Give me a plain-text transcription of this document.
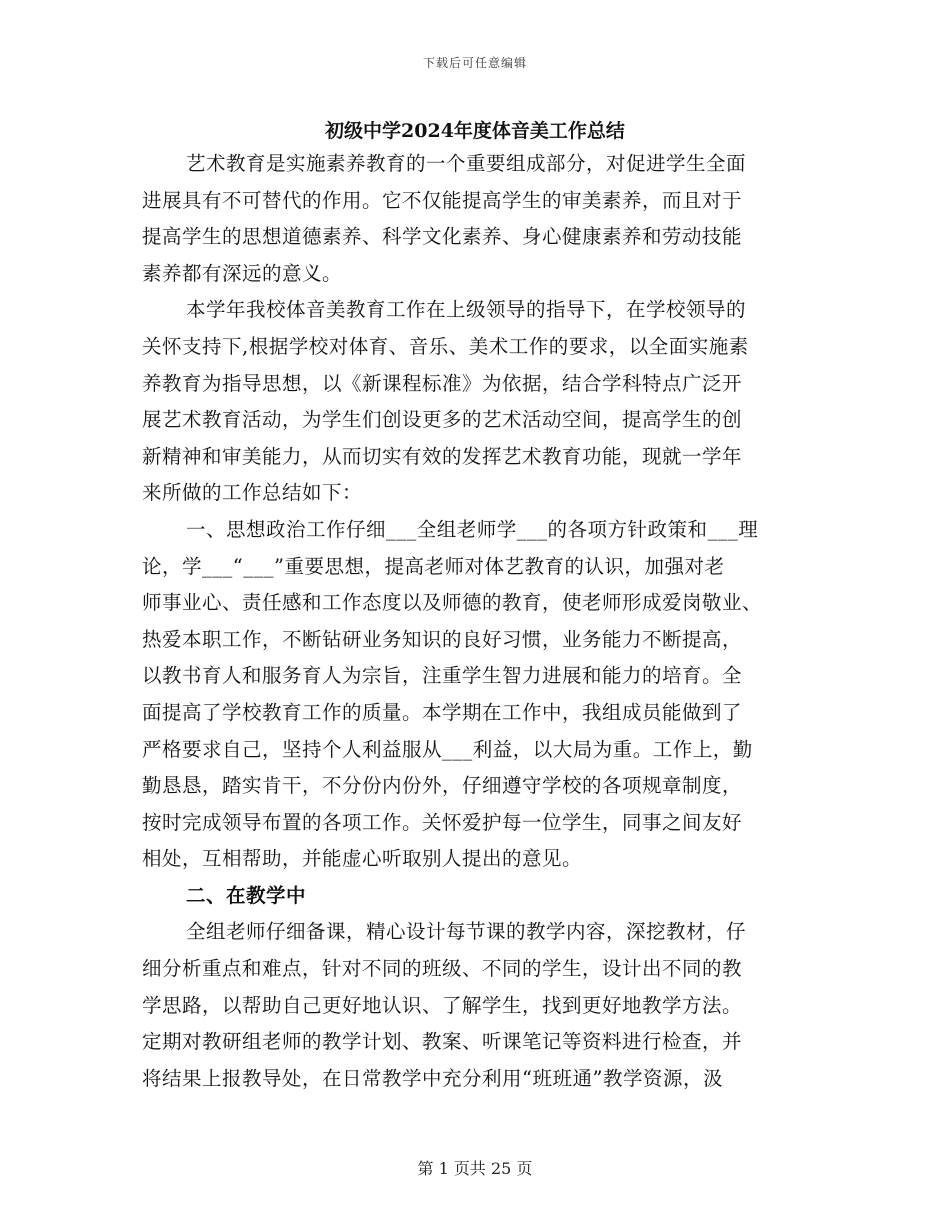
下载后可任意编辑
初级中学2024年度体音美工作总结
艺术教育是实施素养教育的一个重要组成部分，对促进学生全面
进展具有不可替代的作用。它不仅能提高学生的审美素养，而且对于
提高学生的思想道德素养、科学文化素养、身心健康素养和劳动技能
素养都有深远的意义。
本学年我校体音美教育工作在上级领导的指导下，在学校领导的
关怀支持下,根据学校对体育、音乐、美术工作的要求，以全面实施素
养教育为指导思想，以《新课程标准》为依据，结合学科特点广泛开
展艺术教育活动，为学生们创设更多的艺术活动空间，提高学生的创
新精神和审美能力，从而切实有效的发挥艺术教育功能，现就一学年
来所做的工作总结如下：
一、思想政治工作仔细___全组老师学___的各项方针政策和___理
论，学___“___”重要思想，提高老师对体艺教育的认识，加强对老
师事业心、责任感和工作态度以及师德的教育，使老师形成爱岗敬业、
热爱本职工作，不断钻研业务知识的良好习惯，业务能力不断提高，
以教书育人和服务育人为宗旨，注重学生智力进展和能力的培育。全
面提高了学校教育工作的质量。本学期在工作中，我组成员能做到了
严格要求自己，坚持个人利益服从___利益，以大局为重。工作上，勤
勤恳恳，踏实肯干，不分份内份外，仔细遵守学校的各项规章制度，
按时完成领导布置的各项工作。关怀爱护每一位学生，同事之间友好
相处，互相帮助，并能虚心听取别人提出的意见。
二、在教学中
全组老师仔细备课，精心设计每节课的教学内容，深挖教材，仔
细分析重点和难点，针对不同的班级、不同的学生，设计出不同的教
学思路，以帮助自己更好地认识、了解学生，找到更好地教学方法。
定期对教研组老师的教学计划、教案、听课笔记等资料进行检查，并
将结果上报教导处，在日常教学中充分利用“班班通”教学资源，汲
第 1 页共 25 页
